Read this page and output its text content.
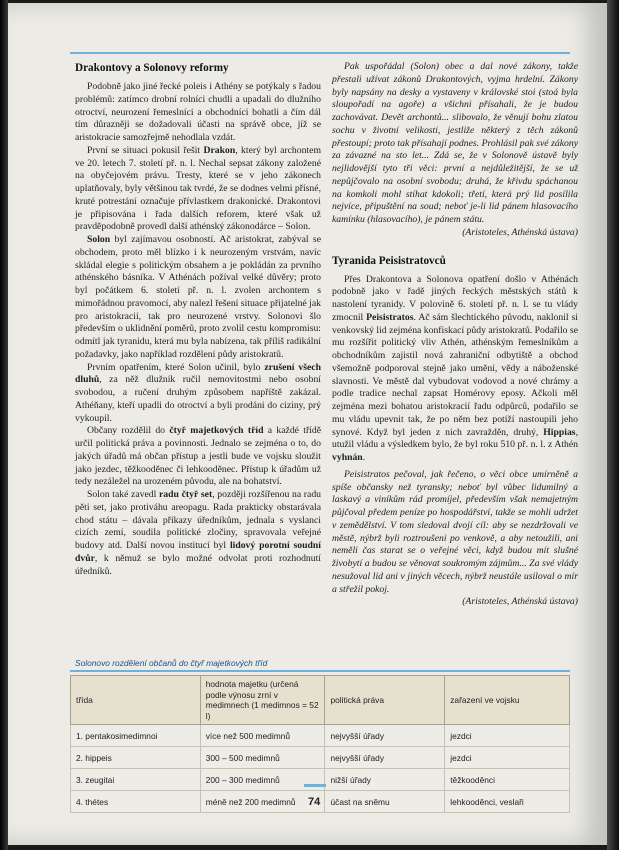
Drakontovy a Solonovy reformy

Podobně jako jiné řecké poleis i Athény se potýkaly s řadou problémů: zatímco drobní rolníci chudli a upadali do dlužního otroctví, neurození řemeslníci a obchodníci bohatli a čím dál tím důrazněji se dožadovali účasti na správě obce, jíž se aristokracie samozřejmě nehodlala vzdát.

První se situaci pokusil řešit Drakon, který byl archontem ve 20. letech 7. století př. n. l. Nechal sepsat zákony založené na obyčejovém právu. Tresty, které se v jeho zákonech uplatňovaly, byly většinou tak tvrdé, že se dodnes velmi přísné, kruté potrestání označuje přívlastkem drakonické. Drakontovi je připisována i řada dalších reforem, které však už pravděpodobně provedl další athénský zákonodárce – Solon.

Solon byl zajímavou osobností. Ač aristokrat, zabýval se obchodem, proto měl blízko i k neurozeným vrstvám, navíc skládal elegie s politickým obsahem a je pokládán za prvního athénského básníka. V Athénách požíval velké důvěry; proto byl počátkem 6. století př. n. l. zvolen archontem s mimořádnou pravomocí, aby nalezl řešení situace přijatelné jak pro aristokracii, tak pro neurozené vrstvy. Solonovi šlo především o uklidnění poměrů, proto zvolil cestu kompromisu: odmítl jak tyranidu, která mu byla nabízena, tak příliš radikální požadavky, jako například rozdělení půdy aristokratů.

Prvním opatřením, které Solon učinil, bylo zrušení všech dluhů, za něž dlužník ručil nemovitostmi nebo osobní svobodou, a ručení druhým způsobem napříště zakázal. Athéňany, kteří upadli do otroctví a byli prodáni do ciziny, prý vykoupil.

Občany rozdělil do čtyř majetkových tříd a každé třídě určil politická práva a povinnosti. Jednalo se zejména o to, do jakých úřadů má občan přístup a jestli bude ve vojsku sloužit jako jezdec, těžkooděnec či lehkooděnec. Přístup k úřadům už tedy nezáležel na urozeném původu, ale na bohatství.

Solon také zavedl radu čtyř set, později rozšířenou na radu pěti set, jako protiváhu areopagu. Rada prakticky obstarávala chod státu – dávala příkazy úředníkům, jednala s vyslanci cizích zemí, soudila politické zločiny, spravovala veřejné budovy atd. Další novou institucí byl lidový porotní soudní dvůr, k němuž se bylo možné odvolat proti rozhodnutí úředníků.

Pak uspořádal (Solon) obec a dal nové zákony, takže přestali užívat zákonů Drakontových, vyjma hrdelní. Zákony byly napsány na desky a vystaveny v královské stoi (stoá byla sloupořadí na agoře) a všichni přísahali, že je budou zachovávat. Devět archontů... slibovalo, že věnují bohu zlatou sochu v životní velikosti, jestliže některý z těch zákonů přestoupí; proto tak přísahají podnes. Prohlásil pak své zákony za závazné na sto let... Zdá se, že v Solonově ústavě byly nejlidovější tyto tři věci: první a nejdůležitější, že se už nepůjčovalo na osobní svobodu; druhá, že křivdu spáchanou na komkoli mohl stíhat kdokoli; třetí, která prý lid posílila nejvíce, připuštění na soud; neboť je-li lid pánem hlasovacího kamínku (hlasovacího), je pánem státu.

(Aristoteles, Athénská ústava)

Tyranida Peisistratovců

Přes Drakontova a Solonova opatření došlo v Athénách podobně jako v řadě jiných řeckých městských států k nastolení tyranidy. V polovině 6. století př. n. l. se tu vlády zmocnil Peisistratos. Ač sám šlechtického původu, naklonil si venkovský lid zejména konfiskací půdy aristokratů. Podařilo se mu rozšířit politický vliv Athén, athénským řemeslníkům a obchodníkům zajistil nová zahraniční odbytiště a obchod všemožně podporoval stejně jako umění, vědy a náboženské slavnosti. Ve městě dal vybudovat vodovod a nové chrámy a podle tradice nechal zapsat Homérovy eposy. Ačkoli měl zejména mezi bohatou aristokracií řadu odpůrců, podařilo se mu vládu upevnit tak, že po něm bez potíží nastoupili jeho synové. Když byl jeden z nich zavražděn, druhý, Hippias, utužil vládu a výsledkem bylo, že byl roku 510 př. n. l. z Athén vyhnán.

Peisistratos pečoval, jak řečeno, o věci obce umírněně a spíše občansky než tyransky; neboť byl vůbec lidumilný a laskavý a viníkům rád promíjel, především však nemajetným půjčoval předem peníze po hospodářství, takže se mohli udržet v zemědělství. V tom sledoval dvojí cíl: aby se nezdržovali ve městě, nýbrž byli roztroušeni po venkově, a aby netoužili, ani neměli čas starat se o veřejné věci, když budou mít slušné živobytí a budou se věnovat soukromým zájmům... Za své vlády nesužoval lid ani v jiných věcech, nýbrž neustále usiloval o mír a střežil pokoj.

(Aristoteles, Athénská ústava)

Solonovo rozdělení občanů do čtyř majetkových tříd
třída	hodnota majetku (určená podle výnosu zrní v medimnech (1 medimnos = 52 l)	politická práva	zařazení ve vojsku
1. pentakosimedimnoi	více než 500 medimnů	nejvyšší úřady	jezdci
2. hippeis	300 – 500 medimnů	nejvyšší úřady	jezdci
3. zeugitai	200 – 300 medimnů	nižší úřady	těžkooděnci
4. thétes	méně než 200 medimnů	účast na sněmu	lehkooděnci, veslaři
74
